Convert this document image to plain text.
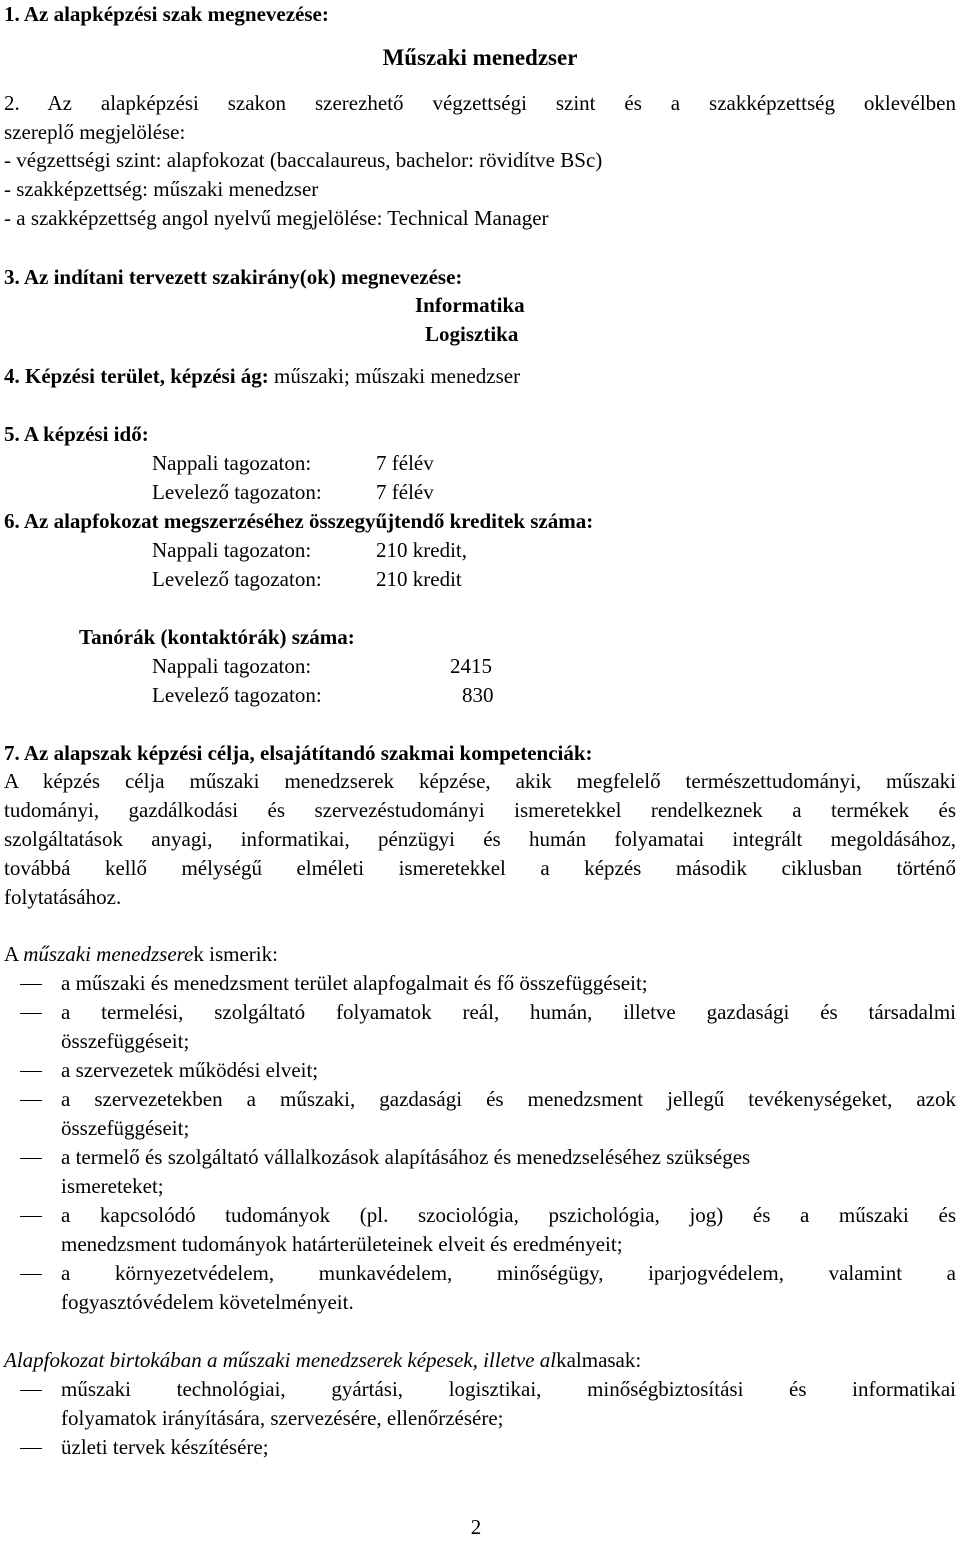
1. Az alapképzési szak megnevezése:
Műszaki menedzser
2. Az alapképzési szakon szerezhető végzettségi szint és a szakképzettség oklevélben
szereplő megjelölése:
- végzettségi szint: alapfokozat (baccalaureus, bachelor: rövidítve BSc)
- szakképzettség: műszaki menedzser
- a szakképzettség angol nyelvű megjelölése: Technical Manager
3. Az indítani tervezett szakirány(ok) megnevezése:
Informatika
Logisztika
4. Képzési terület, képzési ág: műszaki; műszaki menedzser
5. A képzési idő:
Nappali tagozaton:	7 félév
Levelező tagozaton:	7 félév
6. Az alapfokozat megszerzéséhez összegyűjtendő kreditek száma:
Nappali tagozaton:	210 kredit,
Levelező tagozaton:	210 kredit
Tanórák (kontaktórák) száma:
Nappali tagozaton:	2415
Levelező tagozaton:	830
7. Az alapszak képzési célja, elsajátítandó szakmai kompetenciák:
A képzés célja műszaki menedzserek képzése, akik megfelelő természettudományi, műszaki
tudományi, gazdálkodási és szervezéstudományi ismeretekkel rendelkeznek a termékek és
szolgáltatások anyagi, informatikai, pénzügyi és humán folyamatai integrált megoldásához,
továbbá kellő mélységű elméleti ismeretekkel a képzés második ciklusban történő
folytatásához.
A műszaki menedzserek ismerik:
a műszaki és menedzsment terület alapfogalmait és fő összefüggéseit;
a termelési, szolgáltató folyamatok reál, humán, illetve gazdasági és társadalmi
összefüggéseit;
a szervezetek működési elveit;
a szervezetekben a műszaki, gazdasági és menedzsment jellegű tevékenységeket, azok
összefüggéseit;
a termelő és szolgáltató vállalkozások alapításához és menedzseléséhez szükséges
ismereteket;
a kapcsolódó tudományok (pl. szociológia, pszichológia, jog) és a műszaki és
menedzsment tudományok határterületeinek elveit és eredményeit;
a környezetvédelem, munkavédelem, minőségügy, iparjogvédelem, valamint a
fogyasztóvédelem követelményeit.
Alapfokozat birtokában a műszaki menedzserek képesek, illetve alkalmasak:
műszaki technológiai, gyártási, logisztikai, minőségbiztosítási és informatikai
folyamatok irányítására, szervezésére, ellenőrzésére;
üzleti tervek készítésére;
2
